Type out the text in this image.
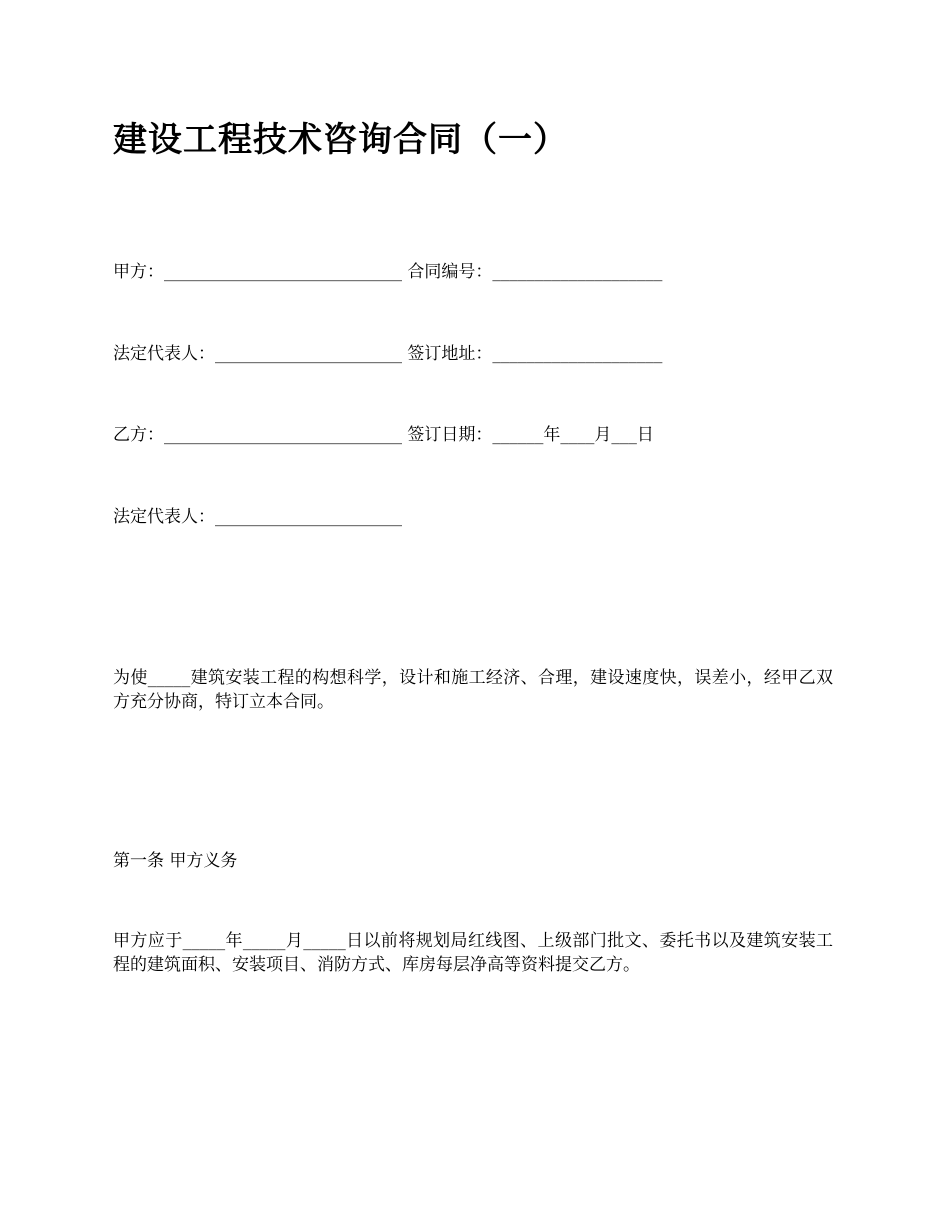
建设工程技术咨询合同（一）
甲方：____________________________ 合同编号：____________________
法定代表人：______________________ 签订地址：____________________
乙方：____________________________ 签订日期：______年____月___日
法定代表人：______________________
为使_____建筑安装工程的构想科学，设计和施工经济、合理，建设速度快，误差小，经甲乙双方充分协商，特订立本合同。
第一条 甲方义务
甲方应于_____年_____月_____日以前将规划局红线图、上级部门批文、委托书以及建筑安装工程的建筑面积、安装项目、消防方式、库房每层净高等资料提交乙方。
